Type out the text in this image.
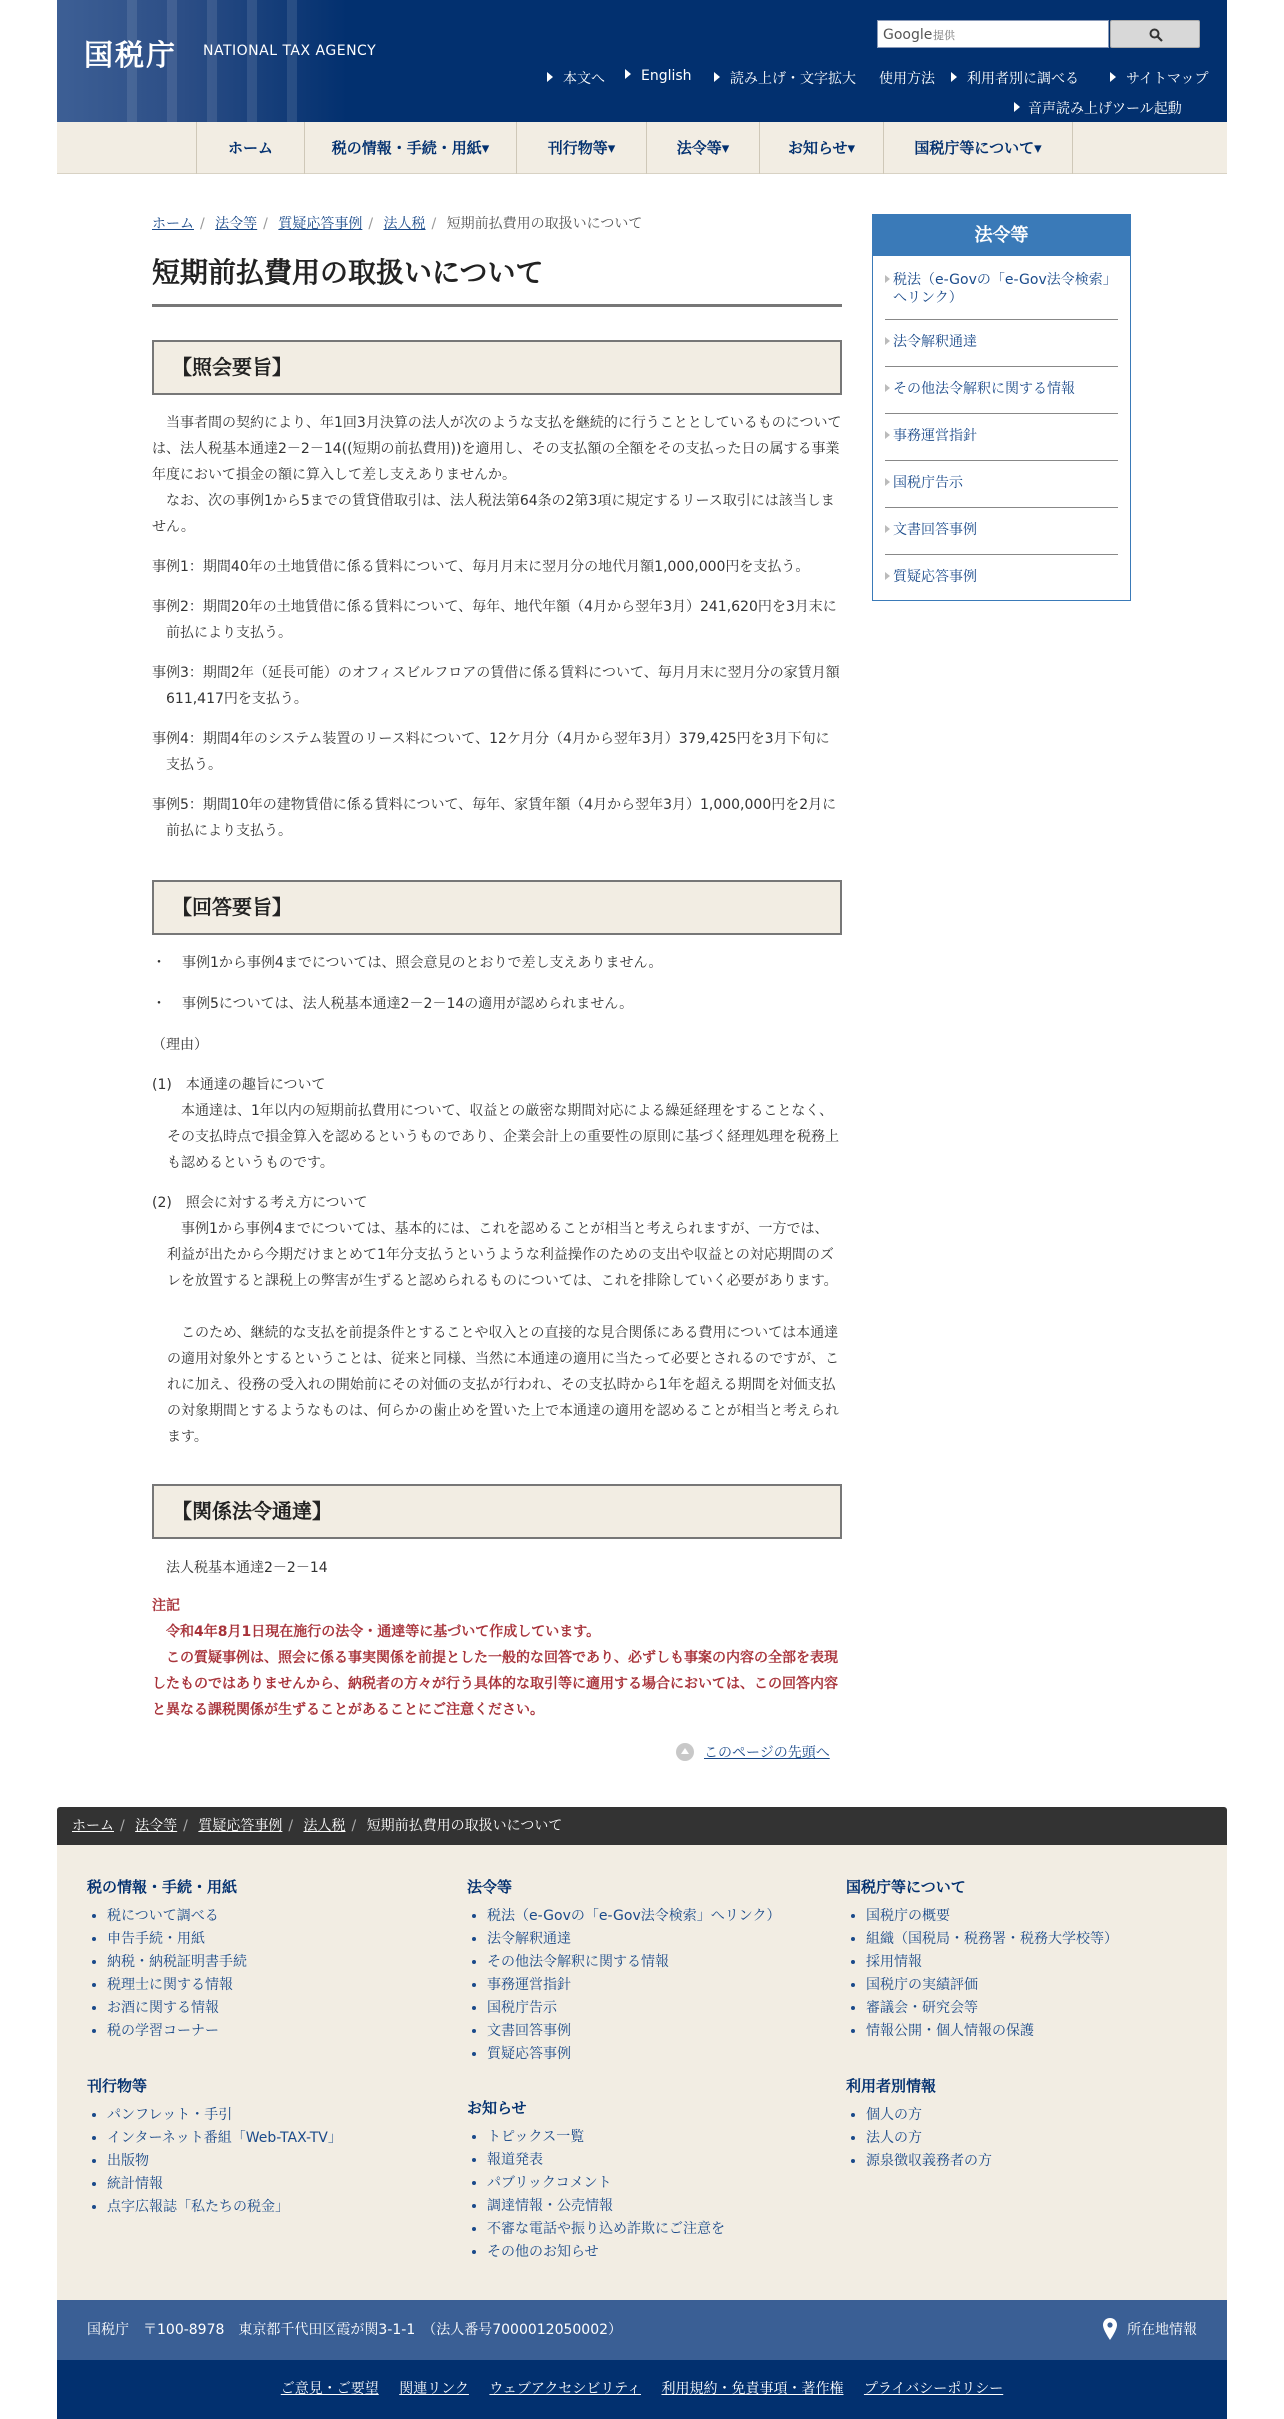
国税庁 NATIONAL TAX AGENCY
Google
提供
本文へ	English	読み上げ・文字拡大 使用方法	利用者別に調べる	サイトマップ
音声読み上げツール起動
ホーム	税の情報・手続・用紙▾	刊行物等▾	法令等▾	お知らせ▾	国税庁等について▾
ホーム / 法令等 / 質疑応答事例 / 法人税 / 短期前払費用の取扱いについて
短期前払費用の取扱いについて
【照会要旨】

当事者間の契約により、年1回3月決算の法人が次のような支払を継続的に行うこととしているものについては、法人税基本通達2－2－14((短期の前払費用))を適用し、その支払額の全額をその支払った日の属する事業年度において損金の額に算入して差し支えありませんか。

なお、次の事例1から5までの賃貸借取引は、法人税法第64条の2第3項に規定するリース取引には該当しません。

事例1：期間40年の土地賃借に係る賃料について、毎月月末に翌月分の地代月額1,000,000円を支払う。

事例2：期間20年の土地賃借に係る賃料について、毎年、地代年額（4月から翌年3月）241,620円を3月末に前払により支払う。

事例3：期間2年（延長可能）のオフィスビルフロアの賃借に係る賃料について、毎月月末に翌月分の家賃月額611,417円を支払う。

事例4：期間4年のシステム装置のリース料について、12ケ月分（4月から翌年3月）379,425円を3月下旬に支払う。

事例5：期間10年の建物賃借に係る賃料について、毎年、家賃年額（4月から翌年3月）1,000,000円を2月に前払により支払う。

【回答要旨】

・ 事例1から事例4までについては、照会意見のとおりで差し支えありません。

・ 事例5については、法人税基本通達2－2－14の適用が認められません。

（理由）

(1)　本通達の趣旨について

本通達は、1年以内の短期前払費用について、収益との厳密な期間対応による繰延経理をすることなく、その支払時点で損金算入を認めるというものであり、企業会計上の重要性の原則に基づく経理処理を税務上も認めるというものです。

(2)　照会に対する考え方について

事例1から事例4までについては、基本的には、これを認めることが相当と考えられますが、一方では、利益が出たから今期だけまとめて1年分支払うというような利益操作のための支出や収益との対応期間のズレを放置すると課税上の弊害が生ずると認められるものについては、これを排除していく必要があります。

このため、継続的な支払を前提条件とすることや収入との直接的な見合関係にある費用については本通達の適用対象外とするということは、従来と同様、当然に本通達の適用に当たって必要とされるのですが、これに加え、役務の受入れの開始前にその対価の支払が行われ、その支払時から1年を超える期間を対価支払の対象期間とするようなものは、何らかの歯止めを置いた上で本通達の適用を認めることが相当と考えられます。

【関係法令通達】

法人税基本通達2－2－14

注記

令和4年8月1日現在施行の法令・通達等に基づいて作成しています。

この質疑事例は、照会に係る事実関係を前提とした一般的な回答であり、必ずしも事案の内容の全部を表現したものではありませんから、納税者の方々が行う具体的な取引等に適用する場合においては、この回答内容と異なる課税関係が生ずることがあることにご注意ください。

このページの先頭へ
法令等
税法（e-Govの「e-Gov法令検索」へリンク）
法令解釈通達
その他法令解釈に関する情報
事務運営指針
国税庁告示
文書回答事例
質疑応答事例
ホーム / 法令等 / 質疑応答事例 / 法人税 / 短期前払費用の取扱いについて
税の情報・手続・用紙
• 税について調べる
• 申告手続・用紙
• 納税・納税証明書手続
• 税理士に関する情報
• お酒に関する情報
• 税の学習コーナー
刊行物等
• パンフレット・手引
• インターネット番組「Web-TAX-TV」
• 出版物
• 統計情報
• 点字広報誌「私たちの税金」
法令等
• 税法（e-Govの「e-Gov法令検索」へリンク）
• 法令解釈通達
• その他法令解釈に関する情報
• 事務運営指針
• 国税庁告示
• 文書回答事例
• 質疑応答事例
お知らせ
• トピックス一覧
• 報道発表
• パブリックコメント
• 調達情報・公売情報
• 不審な電話や振り込め詐欺にご注意を
• その他のお知らせ
国税庁等について
• 国税庁の概要
• 組織（国税局・税務署・税務大学校等）
• 採用情報
• 国税庁の実績評価
• 審議会・研究会等
• 情報公開・個人情報の保護
利用者別情報
• 個人の方
• 法人の方
• 源泉徴収義務者の方
国税庁　〒100-8978　東京都千代田区霞が関3-1-1　（法人番号7000012050002）	所在地情報
ご意見・ご要望 関連リンク ウェブアクセシビリティ 利用規約・免責事項・著作権 プライバシーポリシー
